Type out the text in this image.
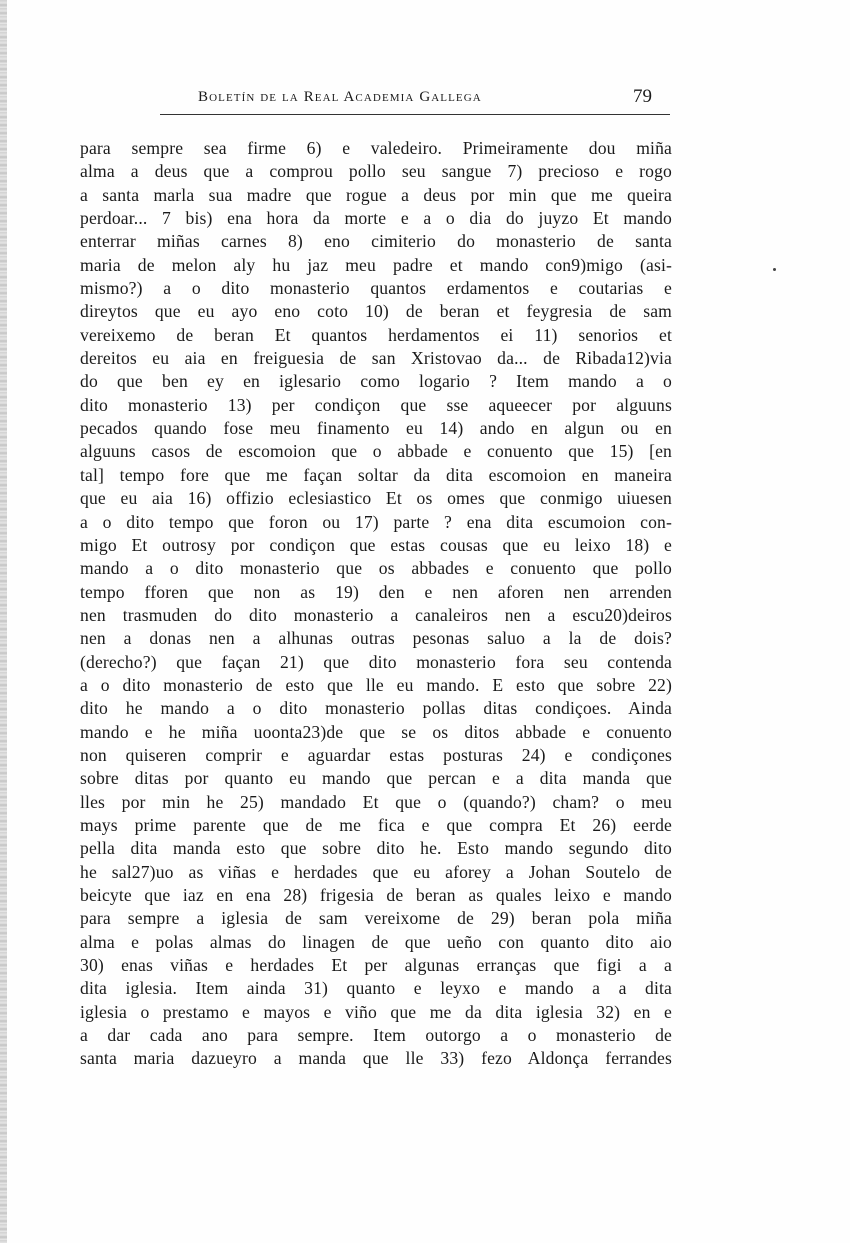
Boletín de la Real Academia Gallega	79
para sempre sea firme 6) e valedeiro. Primeiramente dou miña
alma a deus que a comprou pollo seu sangue 7) precioso e rogo
a santa marla sua madre que rogue a deus por min que me queira
perdoar... 7 bis) ena hora da morte e a o dia do juyzo Et mando
enterrar miñas carnes 8) eno cimiterio do monasterio de santa
maria de melon aly hu jaz meu padre et mando con9)migo (asi-
mismo?) a o dito monasterio quantos erdamentos e coutarias e
direytos que eu ayo eno coto 10) de beran et feygresia de sam
vereixemo de beran Et quantos herdamentos ei 11) senorios et
dereitos eu aia en freiguesia de san Xristovao da... de Ribada12)via
do que ben ey en iglesario como logario ? Item mando a o
dito monasterio 13) per condiçon que sse aqueecer por alguuns
pecados quando fose meu finamento eu 14) ando en algun ou en
alguuns casos de escomoion que o abbade e conuento que 15) [en
tal] tempo fore que me façan soltar da dita escomoion en maneira
que eu aia 16) offizio eclesiastico Et os omes que conmigo uiuesen
a o dito tempo que foron ou 17) parte ? ena dita escumoion con-
migo Et outrosy por condiçon que estas cousas que eu leixo 18) e
mando a o dito monasterio que os abbades e conuento que pollo
tempo fforen que non as 19) den e nen aforen nen arrenden
nen trasmuden do dito monasterio a canaleiros nen a escu20)deiros
nen a donas nen a alhunas outras pesonas saluo a la de dois?
(derecho?) que façan 21) que dito monasterio fora seu contenda
a o dito monasterio de esto que lle eu mando. E esto que sobre 22)
dito he mando a o dito monasterio pollas ditas condiçoes. Ainda
mando e he miña uoonta23)de que se os ditos abbade e conuento
non quiseren comprir e aguardar estas posturas 24) e condiçones
sobre ditas por quanto eu mando que percan e a dita manda que
lles por min he 25) mandado Et que o (quando?) cham? o meu
mays prime parente que de me fica e que compra Et 26) eerde
pella dita manda esto que sobre dito he. Esto mando segundo dito
he sal27)uo as viñas e herdades que eu aforey a Johan Soutelo de
beicyte que iaz en ena 28) frigesia de beran as quales leixo e mando
para sempre a iglesia de sam vereixome de 29) beran pola miña
alma e polas almas do linagen de que ueño con quanto dito aio
30) enas viñas e herdades Et per algunas erranças que figi a a
dita iglesia. Item ainda 31) quanto e leyxo e mando a a dita
iglesia o prestamo e mayos e viño que me da dita iglesia 32) en e
a dar cada ano para sempre. Item outorgo a o monasterio de
santa maria dazueyro a manda que lle 33) fezo Aldonça ferrandes
